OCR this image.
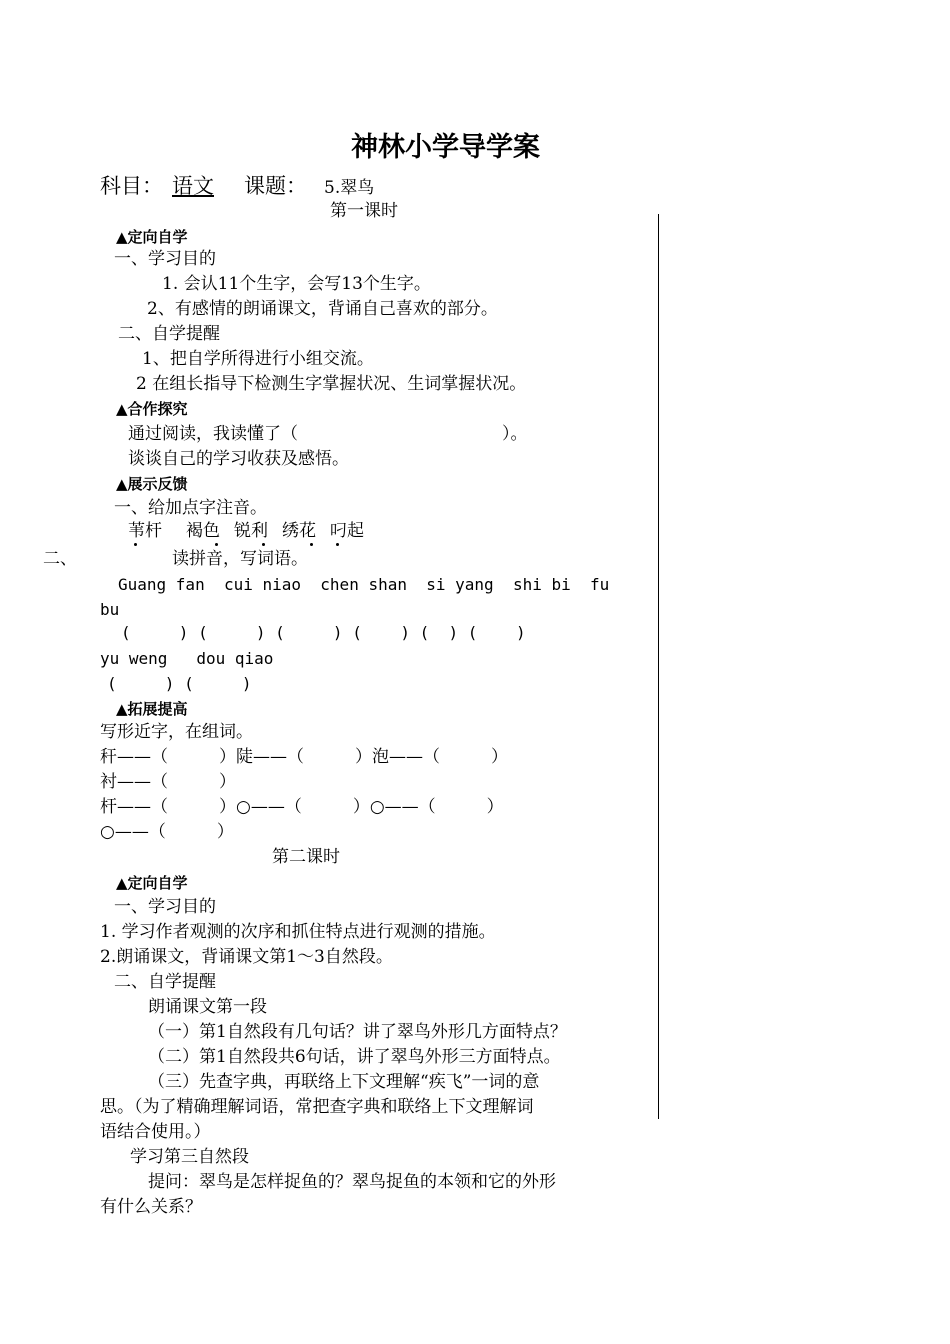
神林小学导学案
科目： 语文	课题： 5.翠鸟
第一课时
▲定向自学
一、学习目的
1. 会认11个生字，会写13个生字。
2、有感情的朗诵课文，背诵自己喜欢的部分。
二、自学提醒
1、把自学所得进行小组交流。
2 在组长指导下检测生字掌握状况、生词掌握状况。
▲合作探究
通过阅读，我读懂了（　　　　　　　　　　　　）。
谈谈自己的学习收获及感悟。
▲展示反馈
一、给加点字注音。
苇杆 褐色 锐利 绣花 叼起
二、	读拼音，写词语。
Guang fan  cui niao  chen shan  si yang  shi bi  fu
bu
(     ) (     ) (     ) (    ) (  ) (    )
yu weng   dou qiao
(     ) (     )
▲拓展提高
写形近字，在组词。
秆——（　　　）陡——（　　　）泡——（　　　）
衬——（　　　）
杆——（　　　）○——（　　　）○——（　　　）
○——（　　　）
第二课时
▲定向自学
一、学习目的
1. 学习作者观测的次序和抓住特点进行观测的措施。
2.朗诵课文，背诵课文第1～3自然段。
二、自学提醒
朗诵课文第一段
（一）第1自然段有几句话？讲了翠鸟外形几方面特点？
（二）第1自然段共6句话，讲了翠鸟外形三方面特点。
（三）先查字典，再联络上下文理解“疾飞”一词的意
思。（为了精确理解词语，常把查字典和联络上下文理解词
语结合使用。）
学习第三自然段
提问：翠鸟是怎样捉鱼的？翠鸟捉鱼的本领和它的外形
有什么关系？
